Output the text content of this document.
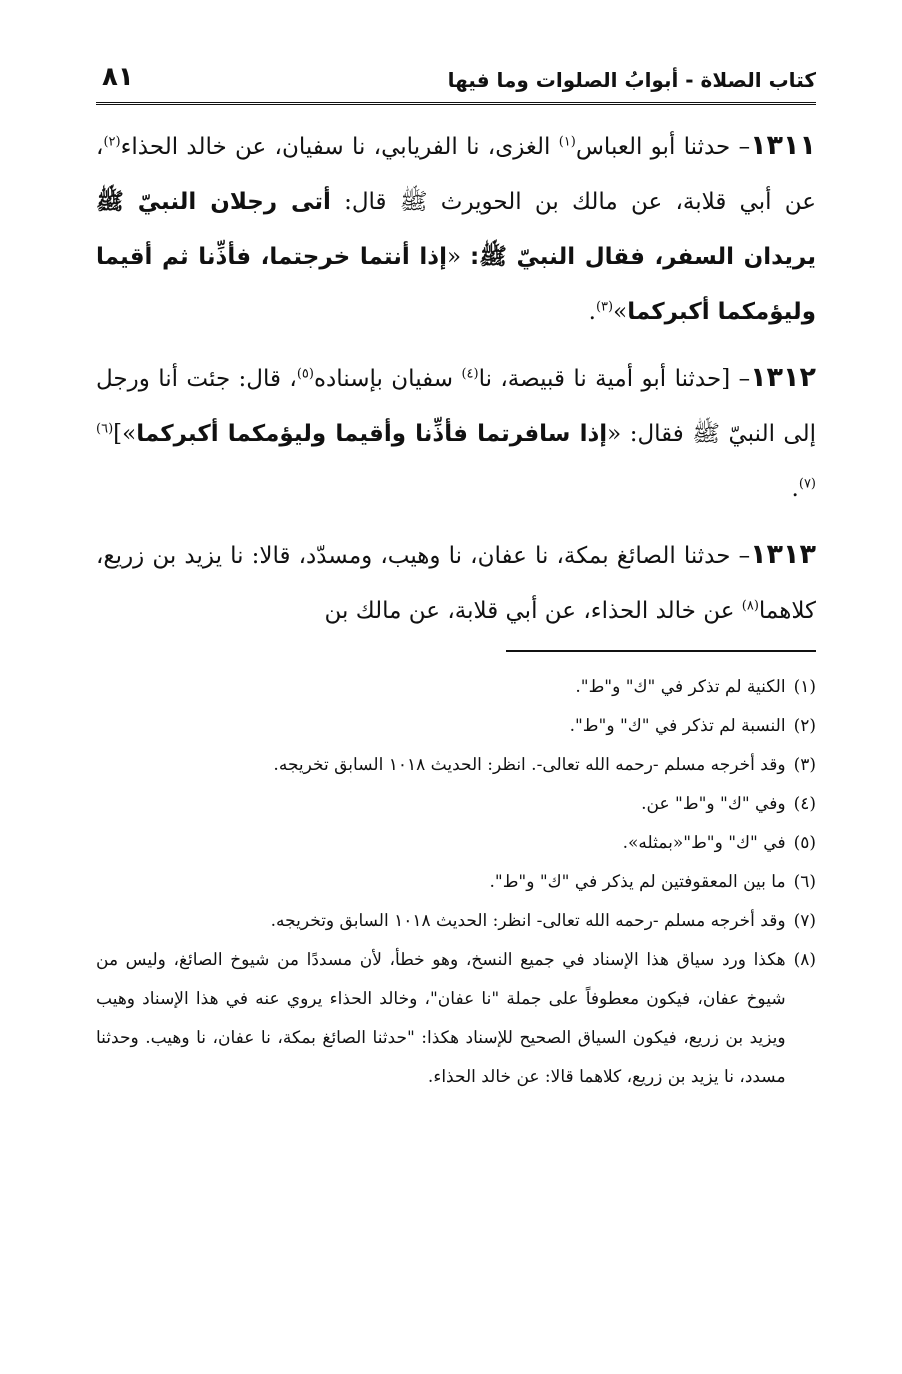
كتاب الصلاة - أبوابُ الصلوات وما فيها
٨١

١٣١١– حدثنا أبو العباس$^{(١)}$ الغزى، نا الفريابي، نا سفيان، عن خالد الحذاء$^{(٢)}$، عن أبي قلابة، عن مالك بن الحويرث ﷺ قال: أتى رجلان النبيّ ﷺ يريدان السفر، فقال النبيّ ﷺ: «إذا أنتما خرجتما، فأذِّنا ثم أقيما وليؤمكما أكبركما»$^{(٣)}$.

١٣١٢– [حدثنا أبو أمية نا قبيصة، نا$^{(٤)}$ سفيان بإسناده$^{(٥)}$، قال: جئت أنا ورجل إلى النبيّ ﷺ فقال: «إذا سافرتما فأذِّنا وأقيما وليؤمكما أكبركما»]$^{(٦)(٧)}$.

١٣١٣– حدثنا الصائغ بمكة، نا عفان، نا وهيب، ومسدّد، قالا: نا يزيد بن زريع، كلاهما$^{(٨)}$ عن خالد الحذاء، عن أبي قلابة، عن مالك بن

(١)
الكنية لم تذكر في "ك" و"ط".
(٢)
النسبة لم تذكر في "ك" و"ط".
(٣)
وقد أخرجه مسلم -رحمه الله تعالى-. انظر: الحديث ١٠١٨ السابق تخريجه.
(٤)
وفي "ك" و"ط" عن.
(٥)
في "ك" و"ط"«بمثله».
(٦)
ما بين المعقوفتين لم يذكر في "ك" و"ط".
(٧)
وقد أخرجه مسلم -رحمه الله تعالى- انظر: الحديث ١٠١٨ السابق وتخريجه.
(٨)
هكذا ورد سياق هذا الإسناد في جميع النسخ، وهو خطأ، لأن مسددًا من شيوخ الصائغ، وليس من شيوخ عفان، فيكون معطوفاً على جملة "نا عفان"، وخالد الحذاء يروي عنه في هذا الإسناد وهيب ويزيد بن زريع، فيكون السياق الصحيح للإسناد هكذا: "حدثنا الصائغ بمكة، نا عفان، نا وهيب. وحدثنا مسدد، نا يزيد بن زريع، كلاهما قالا: عن خالد الحذاء.
